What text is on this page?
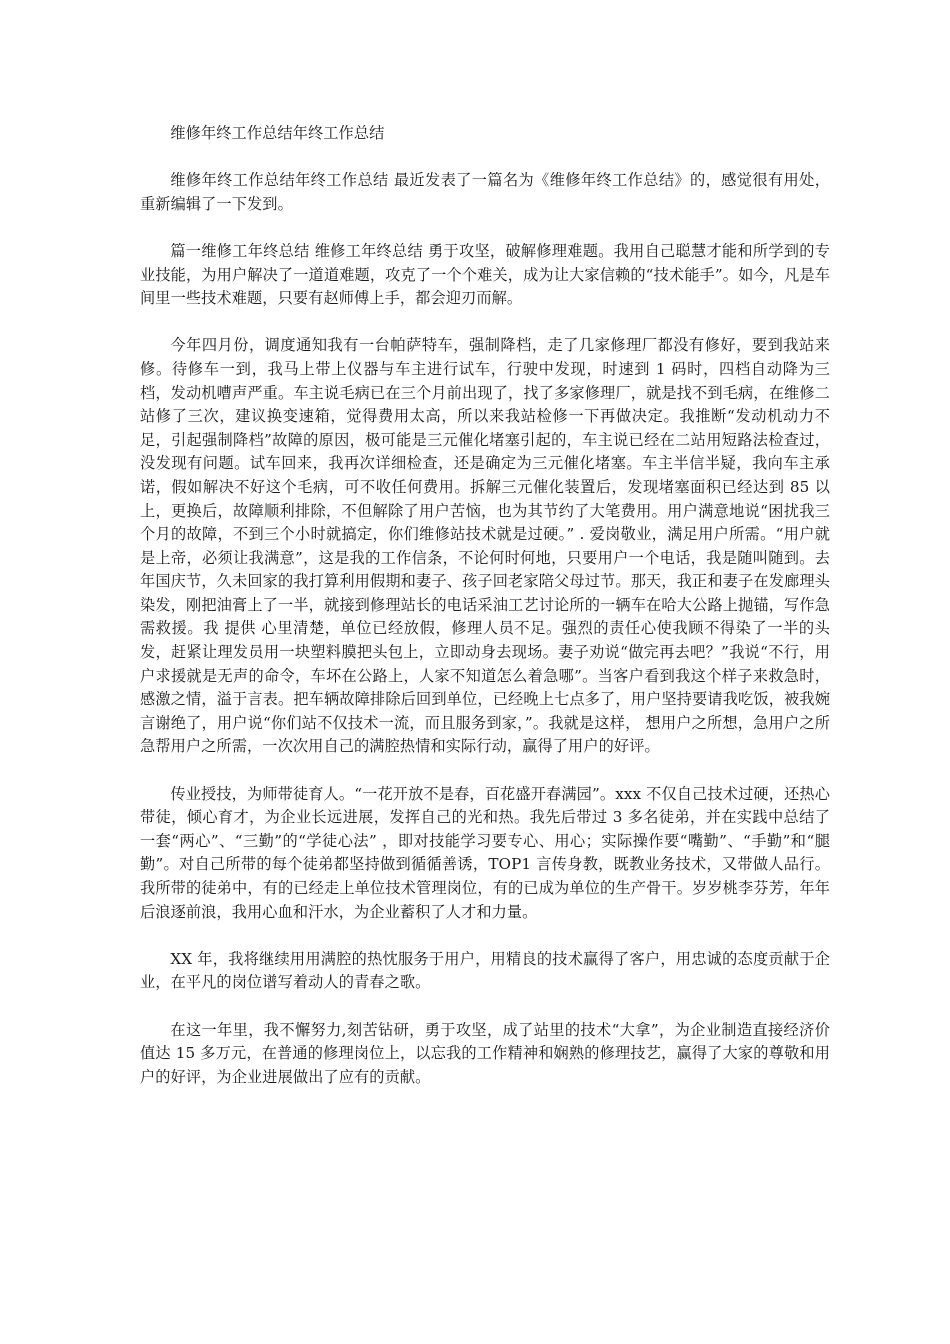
维修年终工作总结年终工作总结

维修年终工作总结年终工作总结 最近发表了一篇名为《维修年终工作总结》的，感觉很有用处，重新编辑了一下发到。

篇一维修工年终总结 维修工年终总结 勇于攻坚，破解修理难题。我用自己聪慧才能和所学到的专业技能，为用户解决了一道道难题，攻克了一个个难关，成为让大家信赖的“技术能手”。如今，凡是车间里一些技术难题，只要有赵师傅上手，都会迎刃而解。

今年四月份，调度通知我有一台帕萨特车，强制降档，走了几家修理厂都没有修好，要到我站来修。待修车一到，我马上带上仪器与车主进行试车，行驶中发现，时速到 1 码时，四档自动降为三档，发动机嘈声严重。车主说毛病已在三个月前出现了，找了多家修理厂，就是找不到毛病，在维修二站修了三次，建议换变速箱，觉得费用太高，所以来我站检修一下再做决定。我推断“发动机动力不足，引起强制降档”故障的原因，极可能是三元催化堵塞引起的，车主说已经在二站用短路法检查过，没发现有问题。试车回来，我再次详细检查，还是确定为三元催化堵塞。车主半信半疑，我向车主承诺，假如解决不好这个毛病，可不收任何费用。拆解三元催化装置后，发现堵塞面积已经达到 85 以上，更换后，故障顺利排除，不但解除了用户苦恼，也为其节约了大笔费用。用户满意地说“困扰我三个月的故障，不到三个小时就搞定，你们维修站技术就是过硬。” . 爱岗敬业，满足用户所需。“用户就是上帝，必须让我满意”，这是我的工作信条，不论何时何地，只要用户一个电话，我是随叫随到。去年国庆节，久未回家的我打算利用假期和妻子、孩子回老家陪父母过节。那天，我正和妻子在发廊理头染发，刚把油膏上了一半，就接到修理站长的电话采油工艺讨论所的一辆车在哈大公路上抛锚，写作急需救援。我 提供 心里清楚，单位已经放假，修理人员不足。强烈的责任心使我顾不得染了一半的头发，赶紧让理发员用一块塑料膜把头包上，立即动身去现场。妻子劝说“做完再去吧？”我说“不行，用户求援就是无声的命令，车坏在公路上，人家不知道怎么着急哪”。当客户看到我这个样子来救急时，感激之情，溢于言表。把车辆故障排除后回到单位，已经晚上七点多了，用户坚持要请我吃饭，被我婉言谢绝了，用户说“你们站不仅技术一流，而且服务到家，”。我就是这样， 想用户之所想，急用户之所急帮用户之所需，一次次用自己的满腔热情和实际行动，赢得了用户的好评。

传业授技，为师带徒育人。“一花开放不是春，百花盛开春满园”。xxx 不仅自己技术过硬，还热心带徒，倾心育才，为企业长远进展，发挥自己的光和热。我先后带过 3 多名徒弟，并在实践中总结了一套“两心”、“三勤”的“学徒心法” ，即对技能学习要专心、用心；实际操作要“嘴勤”、“手勤”和“腿勤”。对自己所带的每个徒弟都坚持做到循循善诱，TOP1 言传身教，既教业务技术，又带做人品行。我所带的徒弟中，有的已经走上单位技术管理岗位，有的已成为单位的生产骨干。岁岁桃李芬芳，年年后浪逐前浪，我用心血和汗水，为企业蓄积了人才和力量。

XX 年，我将继续用用满腔的热忱服务于用户，用精良的技术赢得了客户，用忠诚的态度贡献于企业，在平凡的岗位谱写着动人的青春之歌。

在这一年里，我不懈努力,刻苦钻研，勇于攻坚，成了站里的技术“大拿”，为企业制造直接经济价值达 15 多万元，在普通的修理岗位上，以忘我的工作精神和娴熟的修理技艺，赢得了大家的尊敬和用户的好评，为企业进展做出了应有的贡献。
